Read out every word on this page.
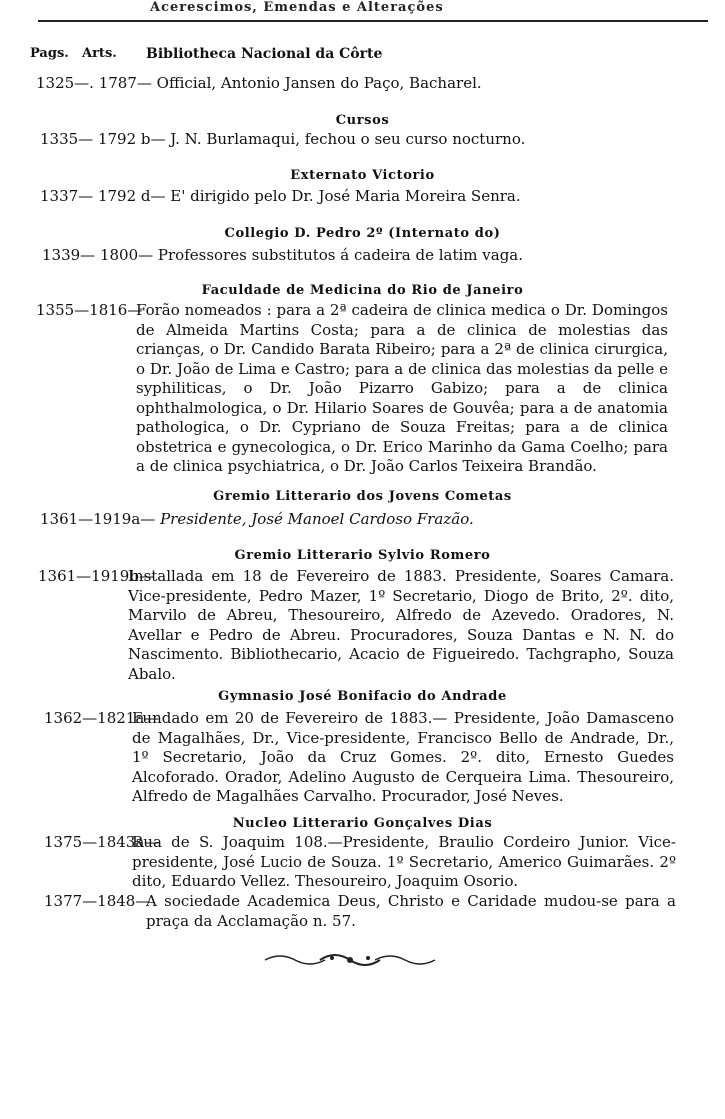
Acerescimos, Emendas e Alterações
Pags. Arts. Bibliotheca Nacional da Côrte
1325—. 1787— Official, Antonio Jansen do Paço, Bacharel.
Cursos
1335— 1792 b— J. N. Burlamaqui, fechou o seu curso nocturno.
Externato Victorio
1337— 1792 d— E' dirigido pelo Dr. José Maria Moreira Senra.
Collegio D. Pedro 2º (Internato do)
1339— 1800— Professores substitutos á cadeira de latim vaga.
Faculdade de Medicina do Rio de Janeiro
1355—1816—
Forão nomeados : para a 2ª cadeira de clinica medica o Dr. Domingos de Almeida Martins Costa; para a de clinica de molestias das crianças, o Dr. Candido Barata Ribeiro; para a 2ª de clinica cirurgica, o Dr. João de Lima e Castro; para a de clinica das molestias da pelle e syphiliticas, o Dr. João Pizarro Gabizo; para a de clinica ophthalmologica, o Dr. Hilario Soares de Gouvêa; para a de anatomia pathologica, o Dr. Cypriano de Souza Freitas; para a de clinica obstetrica e gynecologica, o Dr. Erico Marinho da Gama Coelho; para a de clinica psychiatrica, o Dr. João Carlos Teixeira Brandão.
Gremio Litterario dos Jovens Cometas
1361—1919a— Presidente, José Manoel Cardoso Frazão.
Gremio Litterario Sylvio Romero
1361—1919b—
Installada em 18 de Fevereiro de 1883. Presidente, Soares Camara. Vice-presidente, Pedro Mazer, 1º Secretario, Diogo de Brito, 2º. dito, Marvilo de Abreu, Thesoureiro, Alfredo de Azevedo. Oradores, N. Avellar e Pedro de Abreu. Procuradores, Souza Dantas e N. N. do Nascimento. Bibliothecario, Acacio de Figueiredo. Tachgrapho, Souza Abalo.
Gymnasio José Bonifacio do Andrade
1362—1821a—
Fundado em 20 de Fevereiro de 1883.— Presidente, João Damasceno de Magalhães, Dr., Vice-presidente, Francisco Bello de Andrade, Dr., 1º Secretario, João da Cruz Gomes. 2º. dito, Ernesto Guedes Alcoforado. Orador, Adelino Augusto de Cerqueira Lima. Thesoureiro, Alfredo de Magalhães Carvalho. Procurador, José Neves.
Nucleo Litterario Gonçalves Dias
1375—1843a—
Rua de S. Joaquim 108.—Presidente, Braulio Cordeiro Junior. Vice-presidente, José Lucio de Souza. 1º Secretario, Americo Guimarães. 2º dito, Eduardo Vellez. Thesoureiro, Joaquim Osorio.
1377—1848—
A sociedade Academica Deus, Christo e Caridade mudou-se para a praça da Acclamação n. 57.
